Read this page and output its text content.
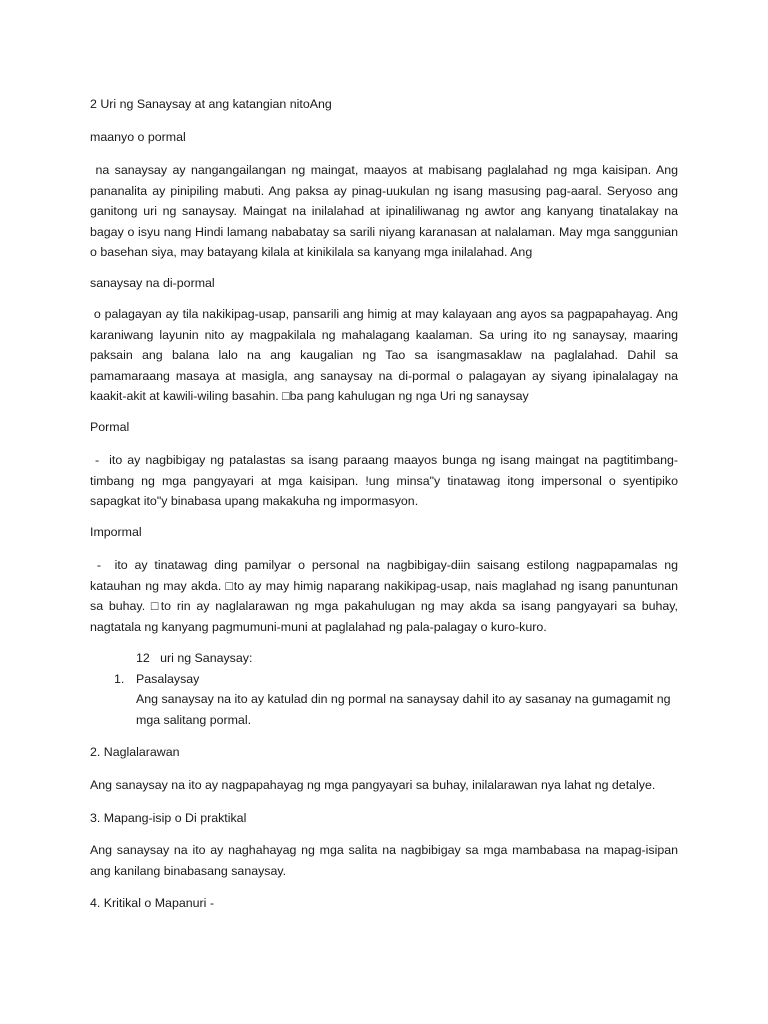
2 Uri ng Sanaysay at ang katangian nitoAng

maanyo o pormal

na sanaysay ay nangangailangan ng maingat, maayos at mabisang paglalahad ng mga kaisipan. Ang pananalita ay pinipiling mabuti. Ang paksa ay pinag-uukulan ng isang masusing pag-aaral. Seryoso ang ganitong uri ng sanaysay. Maingat na inilalahad at ipinaliliwanag ng awtor ang kanyang tinatalakay na bagay o isyu nang Hindi lamang nababatay sa sarili niyang karanasan at nalalaman. May mga sanggunian o basehan siya, may batayang kilala at kinikilala sa kanyang mga inilalahad. Ang

sanaysay na di-pormal

o palagayan ay tila nakikipag-usap, pansarili ang himig at may kalayaan ang ayos sa pagpapahayag. Ang karaniwang layunin nito ay magpakilala ng mahalagang kaalaman. Sa uring ito ng sanaysay, maaring paksain ang balana lalo na ang kaugalian ng Tao sa isangmasaklaw na paglalahad. Dahil sa pamamaraang masaya at masigla, ang sanaysay na di-pormal o palagayan ay siyang ipinalalagay na kaakit-akit at kawili-wiling basahin. □ba pang kahulugan ng nga Uri ng sanaysay

Pormal

-  ito ay nagbibigay ng patalastas sa isang paraang maayos bunga ng isang maingat na pagtitimbang-timbang ng mga pangyayari at mga kaisipan. !ung minsa"y tinatawag itong impersonal o syentipiko sapagkat ito"y binabasa upang makakuha ng impormasyon.

Impormal

-  ito ay tinatawag ding pamilyar o personal na nagbibigay-diin saisang estilong nagpapamalas ng katauhan ng may akda. □to ay may himig naparang nakikipag-usap, nais maglahad ng isang panuntunan sa buhay. □to rin ay naglalarawan ng mga pakahulugan ng may akda sa isang pangyayari sa buhay, nagtatala ng kanyang pagmumuni-muni at paglalahad ng pala-palagay o kuro-kuro.

12   uri ng Sanaysay:

1. Pasalaysay

Ang sanaysay na ito ay katulad din ng pormal na sanaysay dahil ito ay sasanay na gumagamit ng mga salitang pormal.

2. Naglalarawan

Ang sanaysay na ito ay nagpapahayag ng mga pangyayari sa buhay, inilalarawan nya lahat ng detalye.

3. Mapang-isip o Di praktikal

Ang sanaysay na ito ay naghahayag ng mga salita na nagbibigay sa mga mambabasa na mapag-isipan ang kanilang binabasang sanaysay.

4. Kritikal o Mapanuri -
